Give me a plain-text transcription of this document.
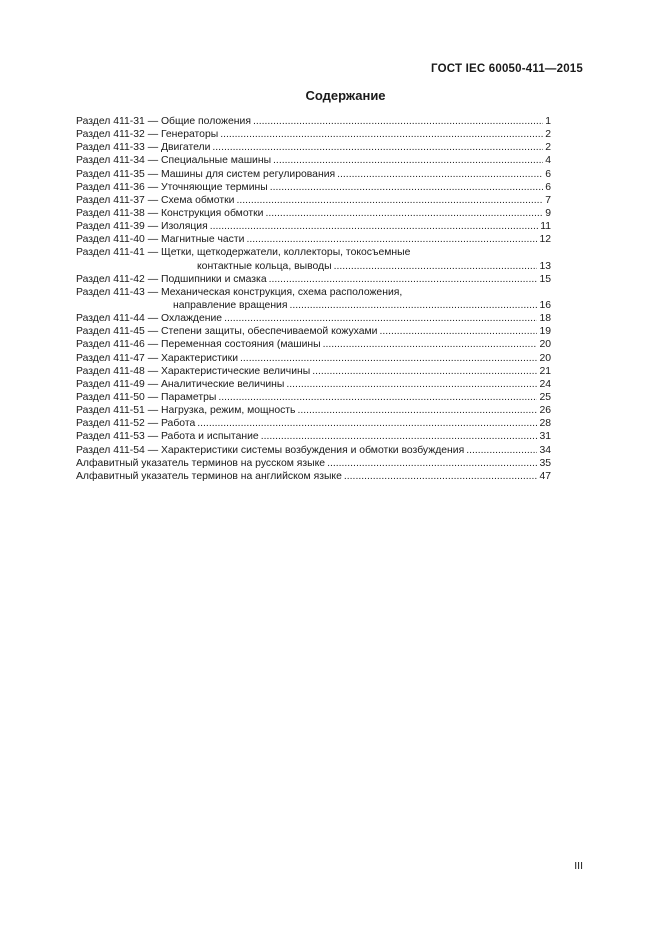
ГОСТ IEC 60050-411—2015
Содержание
Раздел 411-31 — Общие положения .....	1
Раздел 411-32 — Генераторы .....	2
Раздел 411-33 — Двигатели .....	2
Раздел 411-34 — Специальные машины .....	4
Раздел 411-35 — Машины для систем регулирования .....	6
Раздел 411-36 — Уточняющие термины .....	6
Раздел 411-37 — Схема обмотки .....	7
Раздел 411-38 — Конструкция обмотки .....	9
Раздел 411-39 — Изоляция .....	11
Раздел 411-40 — Магнитные части .....	12
Раздел 411-41 — Щетки, щеткодержатели, коллекторы, токосъемные
контактные кольца, выводы .....	13
Раздел 411-42 — Подшипники и смазка .....	15
Раздел 411-43 — Механическая конструкция, схема расположения,
направление вращения .....	16
Раздел 411-44 — Охлаждение .....	18
Раздел 411-45 — Степени защиты, обеспечиваемой кожухами .....	19
Раздел 411-46 — Переменная состояния (машины .....	20
Раздел 411-47 — Характеристики .....	20
Раздел 411-48 — Характеристические величины .....	21
Раздел 411-49 — Аналитические величины .....	24
Раздел 411-50 — Параметры .....	25
Раздел 411-51 — Нагрузка, режим, мощность .....	26
Раздел 411-52 — Работа .....	28
Раздел 411-53 — Работа и испытание .....	31
Раздел 411-54 — Характеристики системы возбуждения и обмотки возбуждения .....	34
Алфавитный указатель терминов на русском языке .....	35
Алфавитный указатель терминов на английском языке .....	47
III
